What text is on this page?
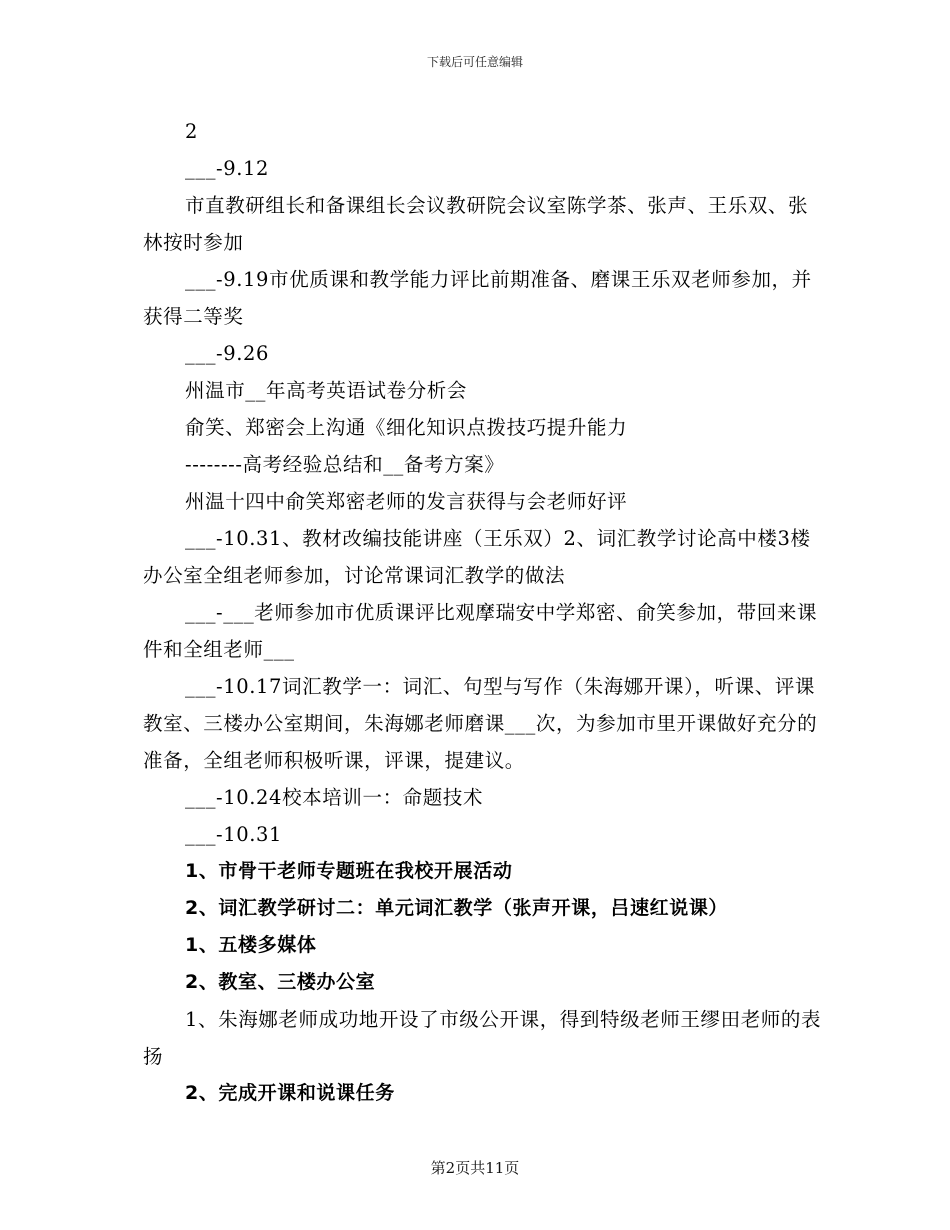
下载后可任意编辑

2

___-9.12

市直教研组长和备课组长会议教研院会议室陈学茶、张声、王乐双、张林按时参加

___-9.19市优质课和教学能力评比前期准备、磨课王乐双老师参加，并获得二等奖

___-9.26

州温市__年高考英语试卷分析会

俞笑、郑密会上沟通《细化知识点拨技巧提升能力

--------高考经验总结和__备考方案》

州温十四中俞笑郑密老师的发言获得与会老师好评

___-10.31、教材改编技能讲座（王乐双）2、词汇教学讨论高中楼3楼办公室全组老师参加，讨论常课词汇教学的做法

___-___老师参加市优质课评比观摩瑞安中学郑密、俞笑参加，带回来课件和全组老师___

___-10.17词汇教学一：词汇、句型与写作（朱海娜开课），听课、评课教室、三楼办公室期间，朱海娜老师磨课___次，为参加市里开课做好充分的准备，全组老师积极听课，评课，提建议。

___-10.24校本培训一：命题技术

___-10.31

1、市骨干老师专题班在我校开展活动

2、词汇教学研讨二：单元词汇教学（张声开课，吕速红说课）

1、五楼多媒体

2、教室、三楼办公室

1、朱海娜老师成功地开设了市级公开课，得到特级老师王缪田老师的表扬

2、完成开课和说课任务

第2页共11页
